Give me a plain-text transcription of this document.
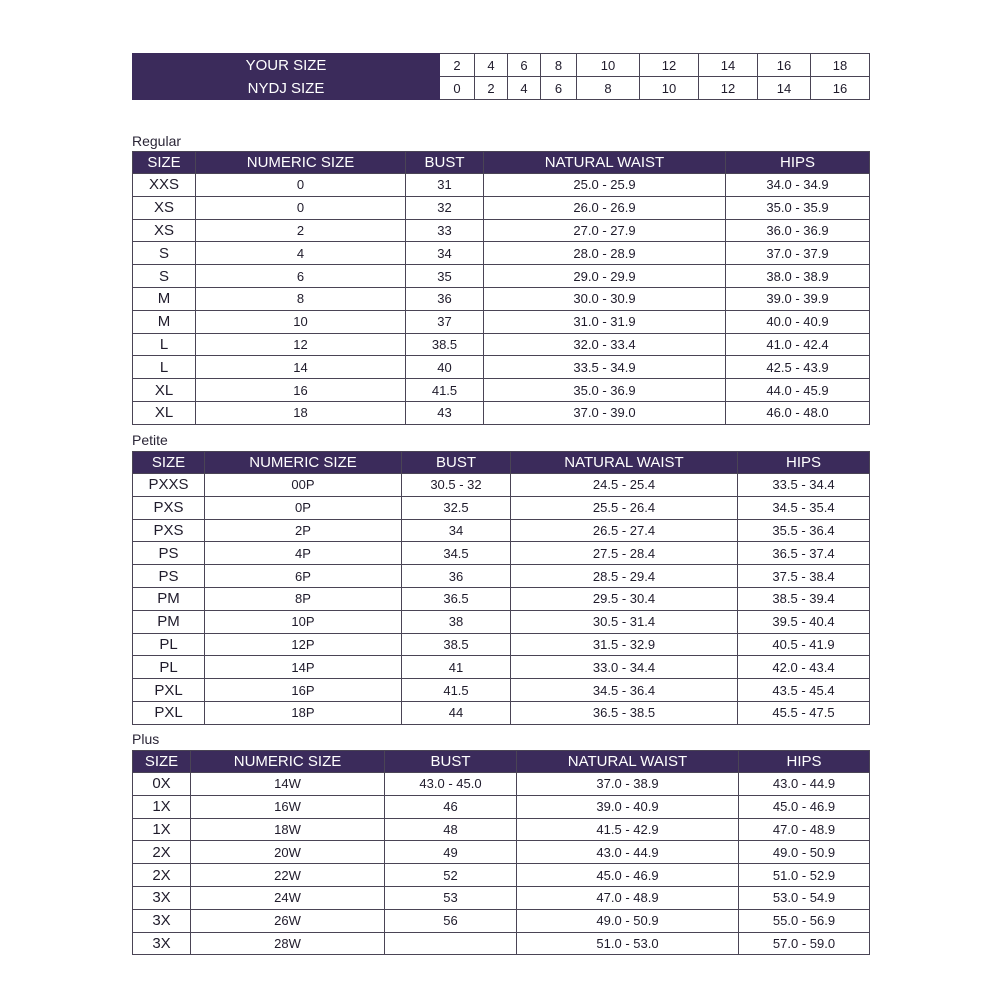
YOUR SIZE	2	4	6	8	10	12	14	16	18
NYDJ SIZE	0	2	4	6	8	10	12	14	16
Regular
SIZE	NUMERIC SIZE	BUST	NATURAL WAIST	HIPS
XXS	0	31	25.0 - 25.9	34.0 - 34.9
XS	0	32	26.0 - 26.9	35.0 - 35.9
XS	2	33	27.0 - 27.9	36.0 - 36.9
S	4	34	28.0 - 28.9	37.0 - 37.9
S	6	35	29.0 - 29.9	38.0 - 38.9
M	8	36	30.0 - 30.9	39.0 - 39.9
M	10	37	31.0 - 31.9	40.0 - 40.9
L	12	38.5	32.0 - 33.4	41.0 - 42.4
L	14	40	33.5 - 34.9	42.5 - 43.9
XL	16	41.5	35.0 - 36.9	44.0 - 45.9
XL	18	43	37.0 - 39.0	46.0 - 48.0
Petite
SIZE	NUMERIC SIZE	BUST	NATURAL WAIST	HIPS
PXXS	00P	30.5 - 32	24.5 - 25.4	33.5 - 34.4
PXS	0P	32.5	25.5 - 26.4	34.5 - 35.4
PXS	2P	34	26.5 - 27.4	35.5 - 36.4
PS	4P	34.5	27.5 - 28.4	36.5 - 37.4
PS	6P	36	28.5 - 29.4	37.5 - 38.4
PM	8P	36.5	29.5 - 30.4	38.5 - 39.4
PM	10P	38	30.5 - 31.4	39.5 - 40.4
PL	12P	38.5	31.5 - 32.9	40.5 - 41.9
PL	14P	41	33.0 - 34.4	42.0 - 43.4
PXL	16P	41.5	34.5 - 36.4	43.5 - 45.4
PXL	18P	44	36.5 - 38.5	45.5 - 47.5
Plus
SIZE	NUMERIC SIZE	BUST	NATURAL WAIST	HIPS
0X	14W	43.0 - 45.0	37.0 - 38.9	43.0 - 44.9
1X	16W	46	39.0 - 40.9	45.0 - 46.9
1X	18W	48	41.5 - 42.9	47.0 - 48.9
2X	20W	49	43.0 - 44.9	49.0 - 50.9
2X	22W	52	45.0 - 46.9	51.0 - 52.9
3X	24W	53	47.0 - 48.9	53.0 - 54.9
3X	26W	56	49.0 - 50.9	55.0 - 56.9
3X	28W		51.0 - 53.0	57.0 - 59.0
